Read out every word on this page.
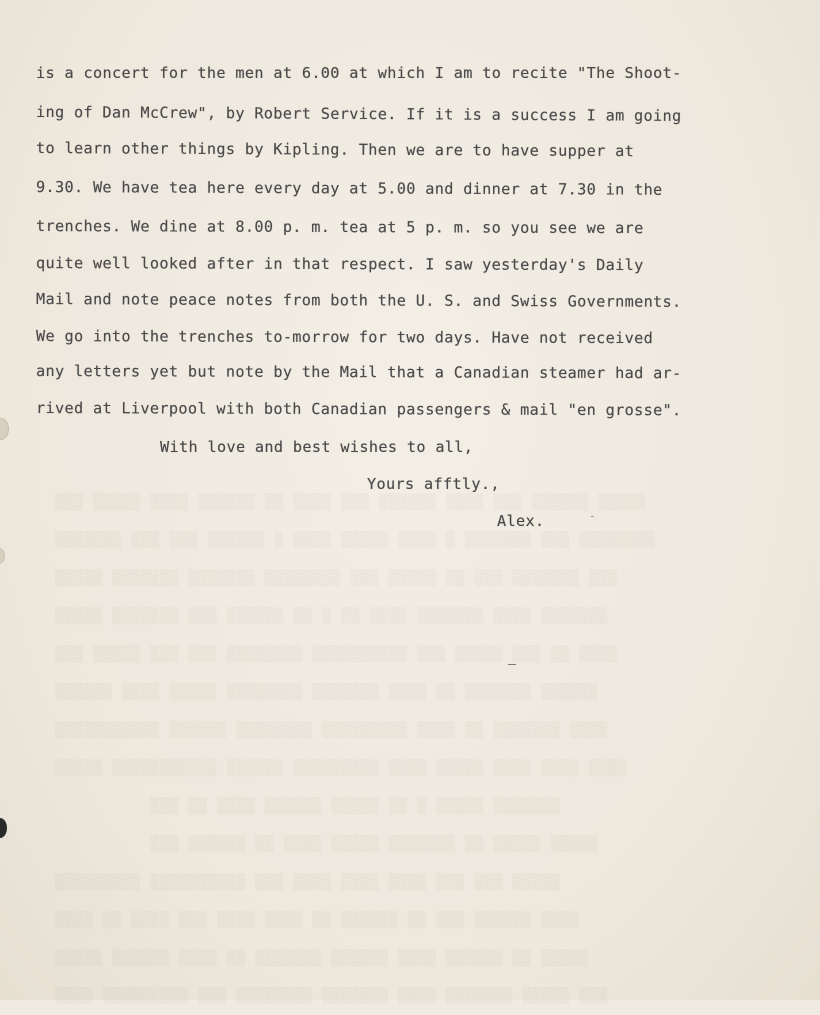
▒▒▒ ▒▒▒▒▒ ▒▒▒▒ ▒▒▒▒▒▒ ▒▒ ▒▒▒▒ ▒▒▒ ▒▒▒▒▒▒ ▒▒▒▒ ▒▒▒ ▒▒▒▒▒▒ ▒▒▒▒▒
▒▒▒▒▒▒▒ ▒▒▒ ▒▒▒ ▒▒▒▒▒▒ ▒ ▒▒▒▒ ▒▒▒▒▒ ▒▒▒▒ ▒ ▒▒▒▒▒▒▒ ▒▒▒ ▒▒▒▒▒▒▒▒
▒▒▒▒▒ ▒▒▒▒▒▒▒ ▒▒▒▒▒▒▒ ▒▒▒▒▒▒▒▒ ▒▒▒ ▒▒▒▒▒ ▒▒ ▒▒▒ ▒▒▒▒▒▒▒ ▒▒▒
▒▒▒▒▒ ▒▒▒▒▒▒▒ ▒▒▒ ▒▒▒▒▒▒ ▒▒ ▒ ▒▒ ▒▒▒▒ ▒▒▒▒▒▒▒ ▒▒▒▒ ▒▒▒▒▒▒▒
▒▒▒ ▒▒▒▒▒ ▒▒▒ ▒▒▒ ▒▒▒▒▒▒▒▒ ▒▒▒▒▒▒▒▒▒▒ ▒▒▒ ▒▒▒▒▒ ▒▒▒ ▒▒ ▒▒▒▒
▒▒▒▒▒▒ ▒▒▒▒ ▒▒▒▒▒ ▒▒▒▒▒▒▒▒ ▒▒▒▒▒▒▒ ▒▒▒▒ ▒▒ ▒▒▒▒▒▒▒ ▒▒▒▒▒▒
▒▒▒▒▒▒▒▒▒▒▒ ▒▒▒▒▒▒ ▒▒▒▒▒▒▒▒ ▒▒▒▒▒▒▒▒▒ ▒▒▒▒ ▒▒ ▒▒▒▒▒▒▒ ▒▒▒▒
▒▒▒▒▒ ▒▒▒▒▒▒▒▒▒▒▒ ▒▒▒▒▒▒ ▒▒▒▒▒▒▒▒▒ ▒▒▒▒ ▒▒▒▒▒ ▒▒▒▒ ▒▒▒▒ ▒▒▒▒
▒▒▒ ▒▒ ▒▒▒▒ ▒▒▒▒▒▒ ▒▒▒▒▒ ▒▒ ▒ ▒▒▒▒▒ ▒▒▒▒▒▒▒
▒▒▒ ▒▒▒▒▒▒ ▒▒ ▒▒▒▒ ▒▒▒▒▒ ▒▒▒▒▒▒▒ ▒▒ ▒▒▒▒▒ ▒▒▒▒▒
▒▒▒▒▒▒▒▒▒ ▒▒▒▒▒▒▒▒▒▒ ▒▒▒ ▒▒▒▒ ▒▒▒▒ ▒▒▒▒ ▒▒▒ ▒▒▒ ▒▒▒▒▒
▒▒▒▒ ▒▒ ▒▒▒▒ ▒▒▒ ▒▒▒▒ ▒▒▒▒ ▒▒ ▒▒▒▒▒▒ ▒▒ ▒▒▒ ▒▒▒▒▒▒ ▒▒▒▒
▒▒▒▒▒ ▒▒▒▒▒▒ ▒▒▒▒ ▒▒ ▒▒▒▒▒▒▒ ▒▒▒▒▒▒ ▒▒▒▒ ▒▒▒▒▒▒ ▒▒ ▒▒▒▒▒
▒▒▒▒ ▒▒▒▒▒▒▒▒▒ ▒▒▒ ▒▒▒▒▒▒▒▒ ▒▒▒▒▒▒▒ ▒▒▒▒ ▒▒▒▒▒▒▒ ▒▒▒▒▒ ▒▒▒

is a concert for the men at 6.00 at which I am to recite "The Shoot-
ing of Dan McCrew", by Robert Service. If it is a success I am going
to learn other things by Kipling. Then we are to have supper at
9.30. We have tea here every day at 5.00 and dinner at 7.30 in the
trenches. We dine at 8.00 p. m. tea at 5 p. m. so you see we are
quite well looked after in that respect. I saw yesterday's Daily
Mail and note peace notes from both the U. S. and Swiss Governments.
We go into the trenches to-morrow for two days. Have not received
any letters yet but note by the Mail that a Canadian steamer had ar-
rived at Liverpool with both Canadian passengers & mail "en grosse".
With love and best wishes to all,
Yours afftly.,
Alex.
